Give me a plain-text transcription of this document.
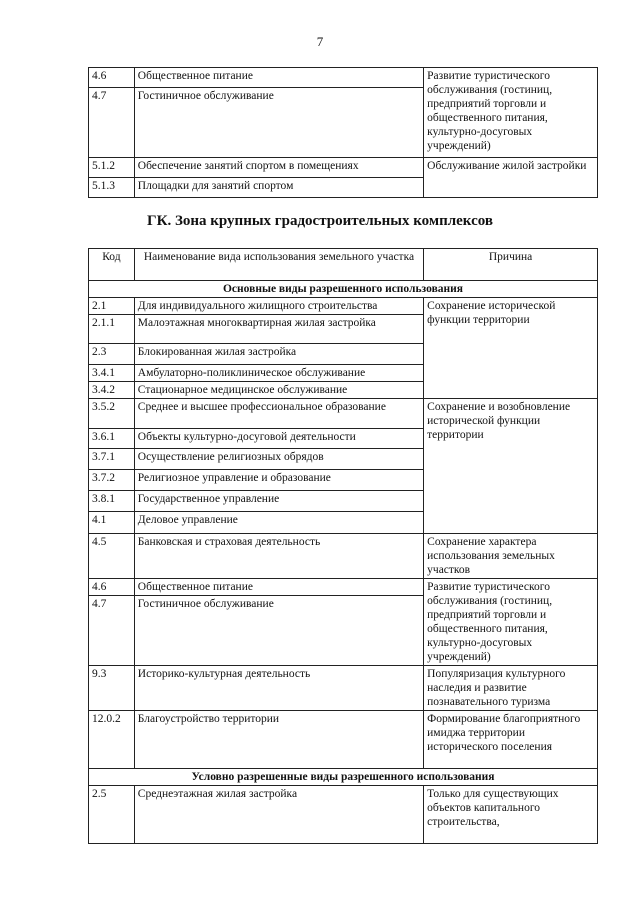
7
4.6	Общественное питание	Развитие туристического обслуживания (гостиниц, предприятий торговли и общественного питания, культурно-досуговых учреждений)
4.7	Гостиничное обслуживание	
5.1.2	Обеспечение занятий спортом в помещениях	Обслуживание жилой застройки
5.1.3	Площадки для занятий спортом	
ГК. Зона крупных градостроительных комплексов
Код	Наименование вида использования земельного участка	Причина
Основные виды разрешенного использования		
2.1	Для индивидуального жилищного строительства	Сохранение исторической функции территории
2.1.1	Малоэтажная многоквартирная жилая застройка	
2.3	Блокированная жилая застройка	
3.4.1	Амбулаторно-поликлиническое обслуживание	
3.4.2	Стационарное медицинское обслуживание	
3.5.2	Среднее и высшее профессиональное образование	Сохранение и возобновление исторической функции территории
3.6.1	Объекты культурно-досуговой деятельности	
3.7.1	Осуществление религиозных обрядов	
3.7.2	Религиозное управление и образование	
3.8.1	Государственное управление	
4.1	Деловое управление	
4.5	Банковская и страховая деятельность	Сохранение характера использования земельных участков
4.6	Общественное питание	Развитие туристического обслуживания (гостиниц, предприятий торговли и общественного питания, культурно-досуговых учреждений)
4.7	Гостиничное обслуживание	
9.3	Историко-культурная деятельность	Популяризация культурного наследия и развитие познавательного туризма
12.0.2	Благоустройство территории	Формирование благоприятного имиджа территории исторического поселения
Условно разрешенные виды разрешенного использования		
2.5	Среднеэтажная жилая застройка	Только для существующих объектов капитального строительства,
